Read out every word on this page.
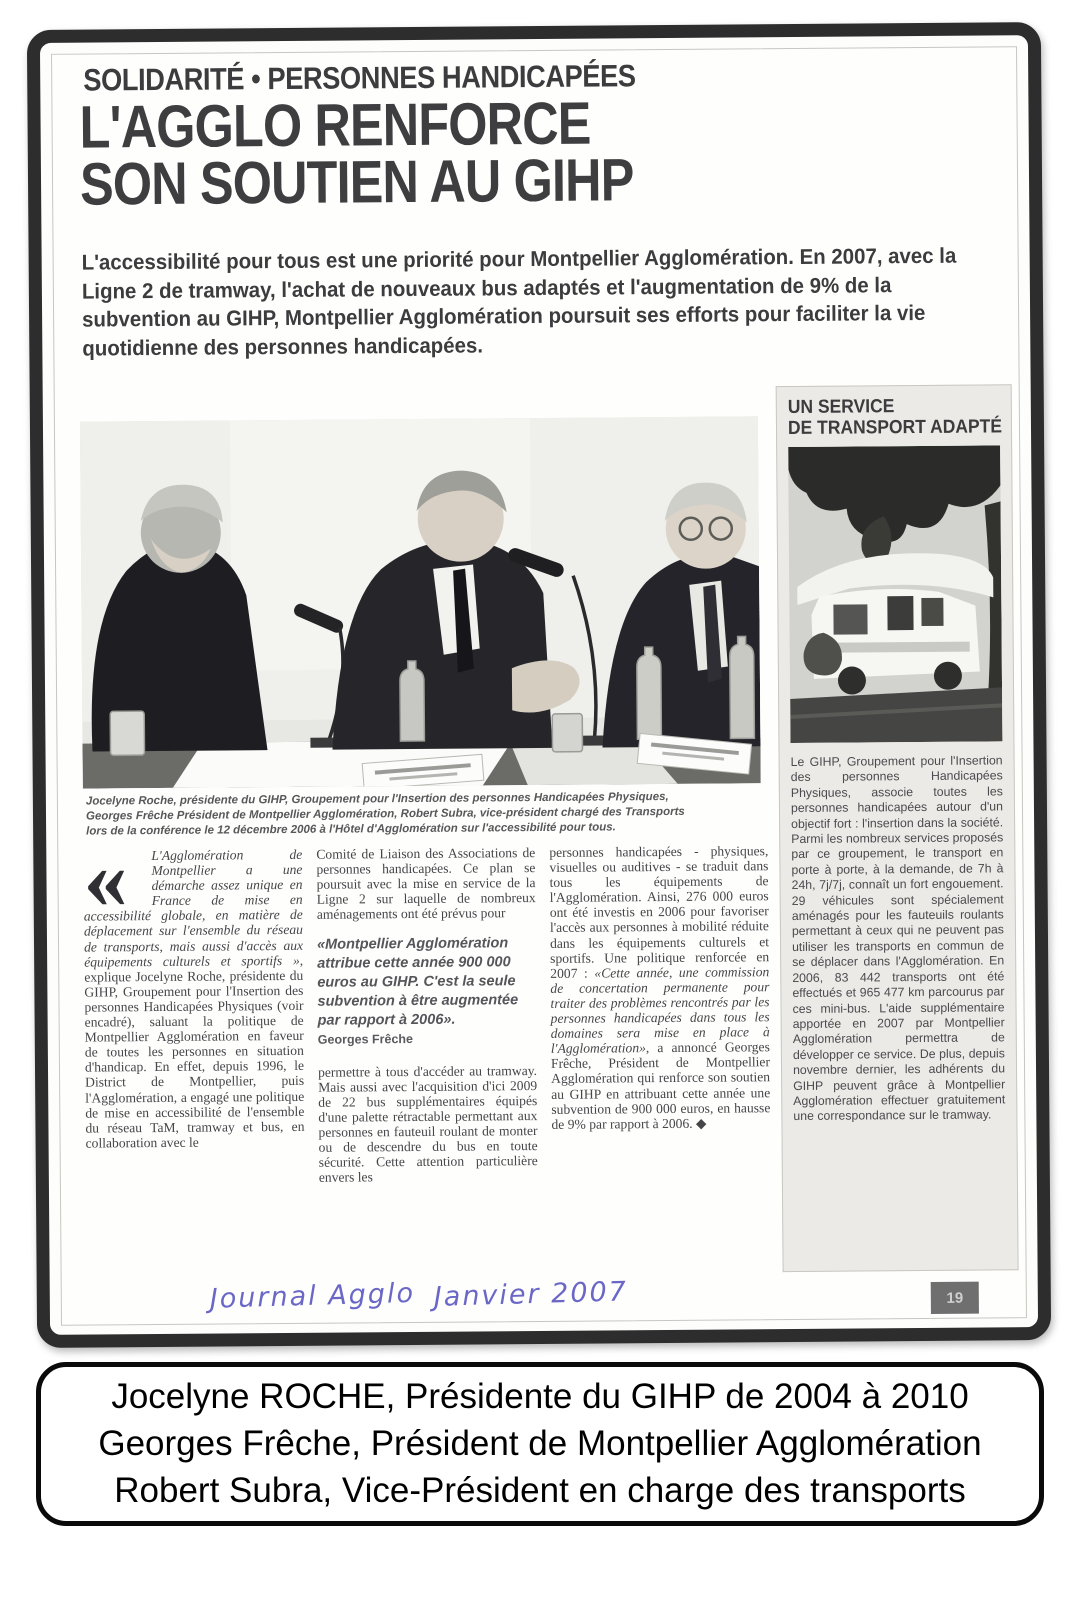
SOLIDARITÉ • PERSONNES HANDICAPÉES
L'AGGLO RENFORCE
SON SOUTIEN AU GIHP
L'accessibilité pour tous est une priorité pour Montpellier Agglomération. En 2007, avec la Ligne 2 de tramway, l'achat de nouveaux bus adaptés et l'augmentation de 9% de la subvention au GIHP, Montpellier Agglomération poursuit ses efforts pour faciliter la vie quotidienne des personnes handicapées.
Jocelyne Roche, présidente du GIHP, Groupement pour l'Insertion des personnes Handicapées Physiques, Georges Frêche Président de Montpellier Agglomération, Robert Subra, vice-président chargé des Transports lors de la conférence le 12 décembre 2006 à l'Hôtel d'Agglomération sur l'accessibilité pour tous.

«	L'Agglomération de Montpellier a une démarche assez unique en France de mise en accessibilité globale, en matière de déplacement sur l'ensemble du réseau de transports, mais aussi d'accès aux équipements culturels et sportifs », explique Jocelyne Roche, présidente du GIHP, Groupement pour l'Insertion des personnes Handicapées Physiques (voir encadré), saluant la politique de Montpellier Agglomération en faveur de toutes les personnes en situation d'handicap. En effet, depuis 1996, le District de Montpellier, puis l'Agglomération, a engagé une politique de mise en accessibilité de l'ensemble du réseau TaM, tramway et bus, en collaboration avec le

Comité de Liaison des Associations de personnes handicapées. Ce plan se poursuit avec la mise en service de la Ligne 2 sur laquelle de nombreux aménagements ont été prévus pour

«Montpellier Agglomération attribue cette année 900 000 euros au GIHP. C'est la seule subvention à être augmentée par rapport à 2006».

Georges Frêche

permettre à tous d'accéder au tramway. Mais aussi avec l'acquisition d'ici 2009 de 22 bus supplémentaires équipés d'une palette rétractable permettant aux personnes en fauteuil roulant de monter ou de descendre du bus en toute sécurité. Cette attention particulière envers les

personnes handicapées - physiques, visuelles ou auditives - se traduit dans tous les équipements de l'Agglomération. Ainsi, 276 000 euros ont été investis en 2006 pour favoriser l'accès aux personnes à mobilité réduite dans les équipements culturels et sportifs. Une politique renforcée en 2007 : «Cette année, une commission de concertation permanente pour traiter des problèmes rencontrés par les personnes handicapées dans tous les domaines sera mise en place à l'Agglomération», a annoncé Georges Frêche, Président de Montpellier Agglomération qui renforce son soutien au GIHP en attribuant cette année une subvention de 900 000 euros, en hausse de 9% par rapport à 2006. ◆

UN SERVICE
DE TRANSPORT ADAPTÉ
Le GIHP, Groupement pour l'Insertion des personnes Handicapées Physiques, associe toutes les personnes handicapées autour d'un objectif fort : l'insertion dans la société. Parmi les nombreux services proposés par ce groupement, le transport en porte à porte, à la demande, de 7h à 24h, 7j/7j, connaît un fort engouement. 29 véhicules sont spécialement aménagés pour les fauteuils roulants permettant à ceux qui ne peuvent pas utiliser les transports en commun de se déplacer dans l'Agglomération. En 2006, 83 442 transports ont été effectués et 965 477 km parcourus par ces mini-bus. L'aide supplémentaire apportée en 2007 par Montpellier Agglomération permettra de développer ce service. De plus, depuis novembre dernier, les adhérents du GIHP peuvent grâce à Montpellier Agglomération effectuer gratuitement une correspondance sur le tramway.
Journal Agglo Janvier 2007	19
Jocelyne ROCHE, Présidente du GIHP de 2004 à 2010
Georges Frêche, Président de Montpellier Agglomération
Robert Subra, Vice-Président en charge des transports
